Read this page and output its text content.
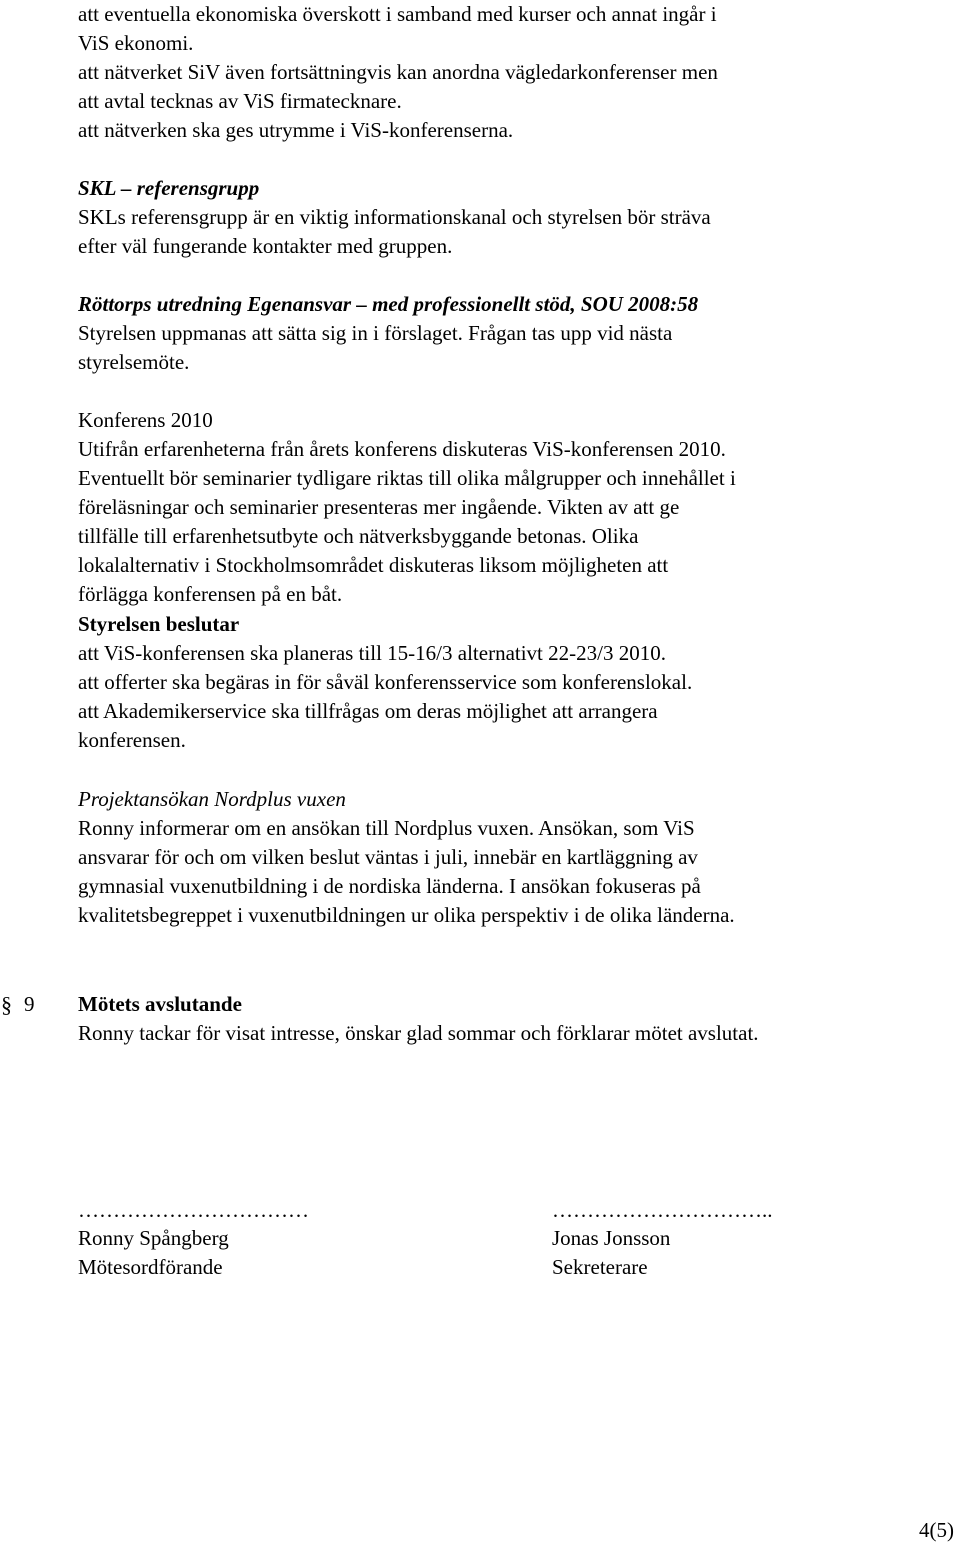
att eventuella ekonomiska överskott i samband med kurser och annat ingår i
ViS ekonomi.
att nätverket SiV även fortsättningvis kan anordna vägledarkonferenser men
att avtal tecknas av ViS firmatecknare.
att nätverken ska ges utrymme i ViS-konferenserna.
SKL – referensgrupp
SKLs referensgrupp är en viktig informationskanal och styrelsen bör sträva
efter väl fungerande kontakter med gruppen.
Röttorps utredning Egenansvar – med professionellt stöd, SOU 2008:58
Styrelsen uppmanas att sätta sig in i förslaget. Frågan tas upp vid nästa
styrelsemöte.
Konferens 2010
Utifrån erfarenheterna från årets konferens diskuteras ViS-konferensen 2010.
Eventuellt bör seminarier tydligare riktas till olika målgrupper och innehållet i
föreläsningar och seminarier presenteras mer ingående. Vikten av att ge
tillfälle till erfarenhetsutbyte och nätverksbyggande betonas. Olika
lokalalternativ i Stockholmsområdet diskuteras liksom möjligheten att
förlägga konferensen på en båt.
Styrelsen beslutar
att ViS-konferensen ska planeras till 15-16/3 alternativt 22-23/3 2010.
att offerter ska begäras in för såväl konferensservice som konferenslokal.
att Akademikerservice ska tillfrågas om deras möjlighet att arrangera
konferensen.
Projektansökan Nordplus vuxen
Ronny informerar om en ansökan till Nordplus vuxen. Ansökan, som ViS
ansvarar för och om vilken beslut väntas i juli, innebär en kartläggning av
gymnasial vuxenutbildning i de nordiska länderna. I ansökan fokuseras på
kvalitetsbegreppet i vuxenutbildningen ur olika perspektiv i de olika länderna.
§ 9 Mötets avslutande
Ronny tackar för visat intresse, önskar glad sommar och förklarar mötet avslutat.
……………………………
Ronny Spångberg
Mötesordförande
…………………………..
Jonas Jonsson
Sekreterare
4(5)
